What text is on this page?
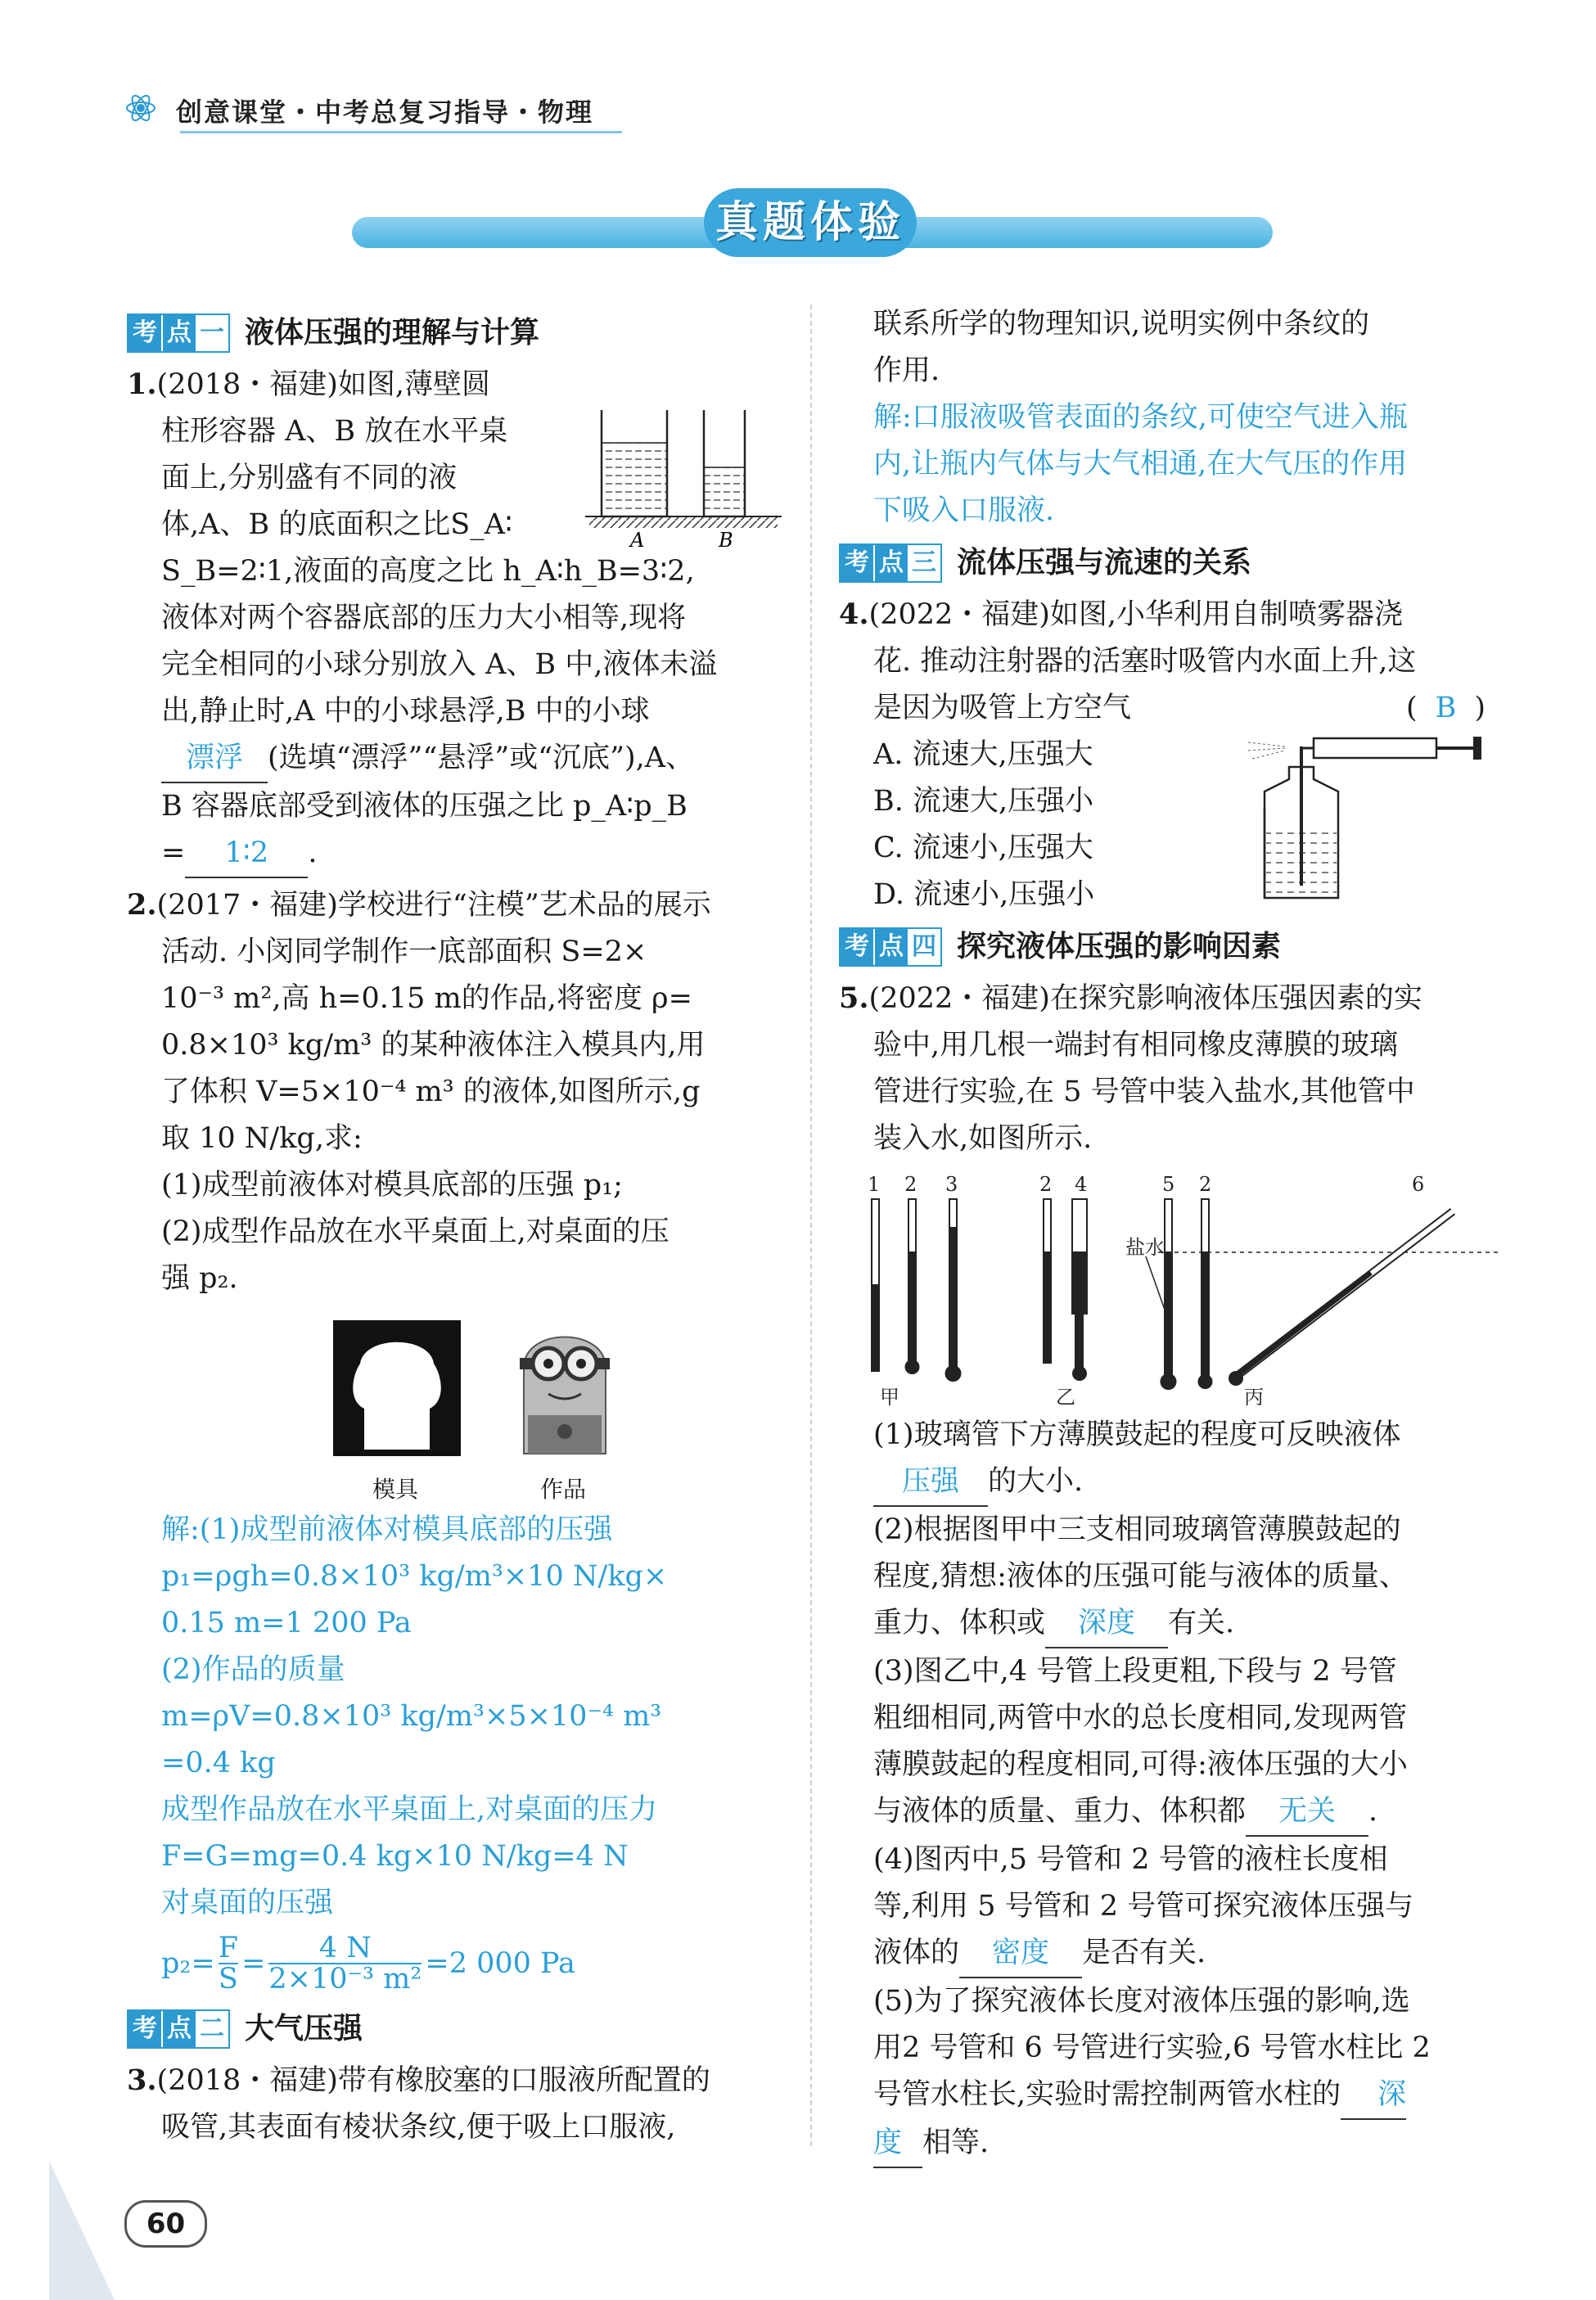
创意课堂・中考总复习指导・物理
真题体验
考 点 一 液体压强的理解与计算

1.(2018・福建)如图,薄壁圆

柱形容器 A、B 放在水平桌

面上,分别盛有不同的液

体,A、B 的底面积之比S_A∶

S_B=2∶1,液面的高度之比 h_A∶h_B=3∶2,

液体对两个容器底部的压力大小相等,现将

完全相同的小球分别放入 A、B 中,液体未溢

出,静止时,A 中的小球悬浮,B 中的小球

漂浮 (选填“漂浮”“悬浮”或“沉底”),A、

B 容器底部受到液体的压强之比 p_A∶p_B

= 1∶2 .

A	B

2.(2017・福建)学校进行“注模”艺术品的展示

活动. 小闵同学制作一底部面积 S=2×

10⁻³ m²,高 h=0.15 m的作品,将密度 ρ=

0.8×10³ kg/m³ 的某种液体注入模具内,用

了体积 V=5×10⁻⁴ m³ 的液体,如图所示,g

取 10 N/kg,求:

(1)成型前液体对模具底部的压强 p₁;

(2)成型作品放在水平桌面上,对桌面的压

强 p₂.

模具	作品

解:(1)成型前液体对模具底部的压强

p₁=ρgh=0.8×10³ kg/m³×10 N/kg×

0.15 m=1 200 Pa

(2)作品的质量

m=ρV=0.8×10³ kg/m³×5×10⁻⁴ m³

=0.4 kg

成型作品放在水平桌面上,对桌面的压力

F=G=mg=0.4 kg×10 N/kg=4 N

对桌面的压强

$p_2= \frac{F}{S} = \frac{4 N}{\text{2×10⁻³ m²}} =2$ 000 Pa
考 点 二 大气压强

3.(2018・福建)带有橡胶塞的口服液所配置的

吸管,其表面有棱状条纹,便于吸上口服液,

联系所学的物理知识,说明实例中条纹的

作用.

解:口服液吸管表面的条纹,可使空气进入瓶

内,让瓶内气体与大气相通,在大气压的作用

下吸入口服液.

考 点 三 流体压强与流速的关系

4.(2022・福建)如图,小华利用自制喷雾器浇

花. 推动注射器的活塞时吸管内水面上升,这

是因为吸管上方空气	( B )

A. 流速大,压强大

B. 流速大,压强小

C. 流速小,压强大

D. 流速小,压强小

考 点 四 探究液体压强的影响因素

5.(2022・福建)在探究影响液体压强因素的实

验中,用几根一端封有相同橡皮薄膜的玻璃

管进行实验,在 5 号管中装入盐水,其他管中

装入水,如图所示.

1 2 3	2 4	5 2	6
甲	乙	丙
盐水

(1)玻璃管下方薄膜鼓起的程度可反映液体

压强 的大小.

(2)根据图甲中三支相同玻璃管薄膜鼓起的

程度,猜想:液体的压强可能与液体的质量、

重力、体积或 深度 有关.

(3)图乙中,4 号管上段更粗,下段与 2 号管

粗细相同,两管中水的总长度相同,发现两管

薄膜鼓起的程度相同,可得:液体压强的大小

与液体的质量、重力、体积都 无关 .

(4)图丙中,5 号管和 2 号管的液柱长度相

等,利用 5 号管和 2 号管可探究液体压强与

液体的 密度 是否有关.

(5)为了探究液体长度对液体压强的影响,选

用2 号管和 6 号管进行实验,6 号管水柱比 2

号管水柱长,实验时需控制两管水柱的 深

度 相等.

60
